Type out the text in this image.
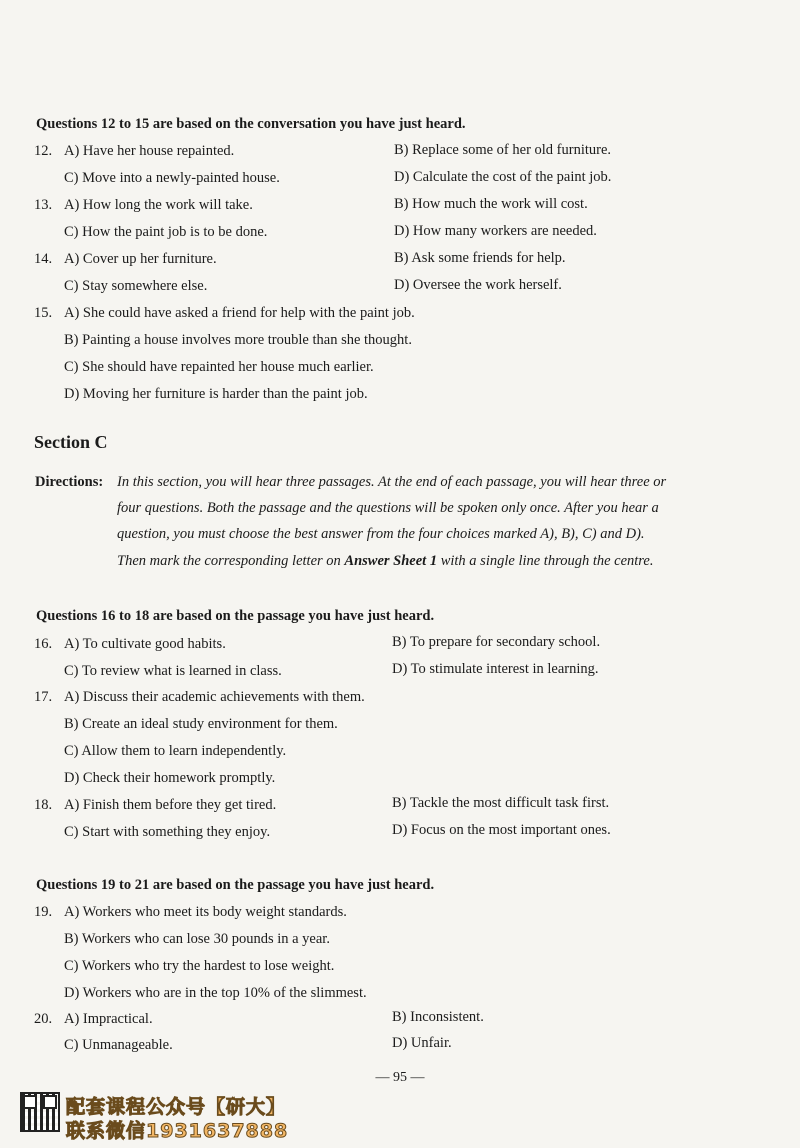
Questions 12 to 15 are based on the conversation you have just heard.
12. A) Have her house repainted.	B) Replace some of her old furniture.
C) Move into a newly-painted house.	D) Calculate the cost of the paint job.
13. A) How long the work will take.	B) How much the work will cost.
C) How the paint job is to be done.	D) How many workers are needed.
14. A) Cover up her furniture.	B) Ask some friends for help.
C) Stay somewhere else.	D) Oversee the work herself.
15. A) She could have asked a friend for help with the paint job.
B) Painting a house involves more trouble than she thought.
C) She should have repainted her house much earlier.
D) Moving her furniture is harder than the paint job.
Section C
Directions: In this section, you will hear three passages. At the end of each passage, you will hear three or
four questions. Both the passage and the questions will be spoken only once. After you hear a
question, you must choose the best answer from the four choices marked A), B), C) and D).
Then mark the corresponding letter on Answer Sheet 1 with a single line through the centre.
Questions 16 to 18 are based on the passage you have just heard.
16. A) To cultivate good habits.	B) To prepare for secondary school.
C) To review what is learned in class.	D) To stimulate interest in learning.
17. A) Discuss their academic achievements with them.
B) Create an ideal study environment for them.
C) Allow them to learn independently.
D) Check their homework promptly.
18. A) Finish them before they get tired.	B) Tackle the most difficult task first.
C) Start with something they enjoy.	D) Focus on the most important ones.
Questions 19 to 21 are based on the passage you have just heard.
19. A) Workers who meet its body weight standards.
B) Workers who can lose 30 pounds in a year.
C) Workers who try the hardest to lose weight.
D) Workers who are in the top 10% of the slimmest.
20. A) Impractical.	B) Inconsistent.
C) Unmanageable.	D) Unfair.
— 95 —
配套课程公众号【研大】
联系微信1931637888
